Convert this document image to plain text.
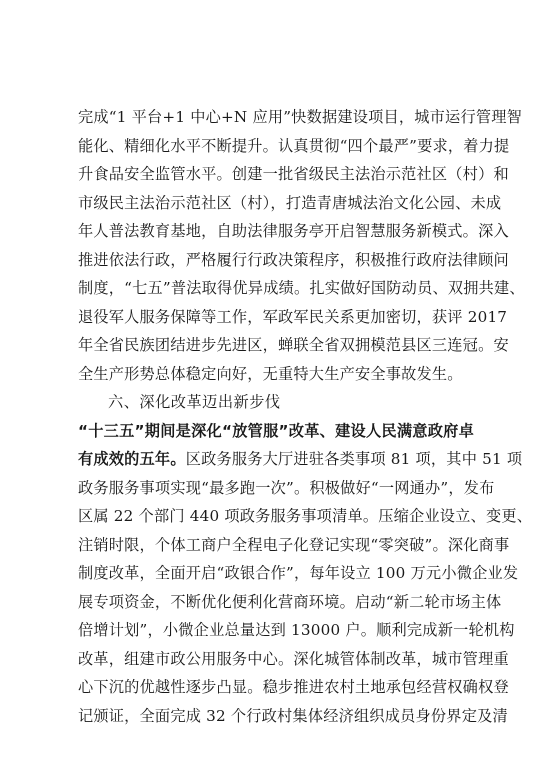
完成“1 平台+1 中心+N 应用”快数据建设项目，城市运行管理智
能化、精细化水平不断提升。认真贯彻“四个最严”要求，着力提
升食品安全监管水平。创建一批省级民主法治示范社区（村）和
市级民主法治示范社区（村），打造青唐城法治文化公园、未成
年人普法教育基地，自助法律服务亭开启智慧服务新模式。深入
推进依法行政，严格履行行政决策程序，积极推行政府法律顾问
制度，“七五”普法取得优异成绩。扎实做好国防动员、双拥共建、
退役军人服务保障等工作，军政军民关系更加密切，获评 2017
年全省民族团结进步先进区，蝉联全省双拥模范县区三连冠。安
全生产形势总体稳定向好，无重特大生产安全事故发生。
六、深化改革迈出新步伐
“十三五”期间是深化“放管服”改革、建设人民满意政府卓
有成效的五年。区政务服务大厅进驻各类事项 81 项，其中 51 项
政务服务事项实现“最多跑一次”。积极做好“一网通办”，发布
区属 22 个部门 440 项政务服务事项清单。压缩企业设立、变更、
注销时限，个体工商户全程电子化登记实现“零突破”。深化商事
制度改革，全面开启“政银合作”，每年设立 100 万元小微企业发
展专项资金，不断优化便利化营商环境。启动“新二轮市场主体
倍增计划”，小微企业总量达到 13000 户。顺利完成新一轮机构
改革，组建市政公用服务中心。深化城管体制改革，城市管理重
心下沉的优越性逐步凸显。稳步推进农村土地承包经营权确权登
记颁证，全面完成 32 个行政村集体经济组织成员身份界定及清
